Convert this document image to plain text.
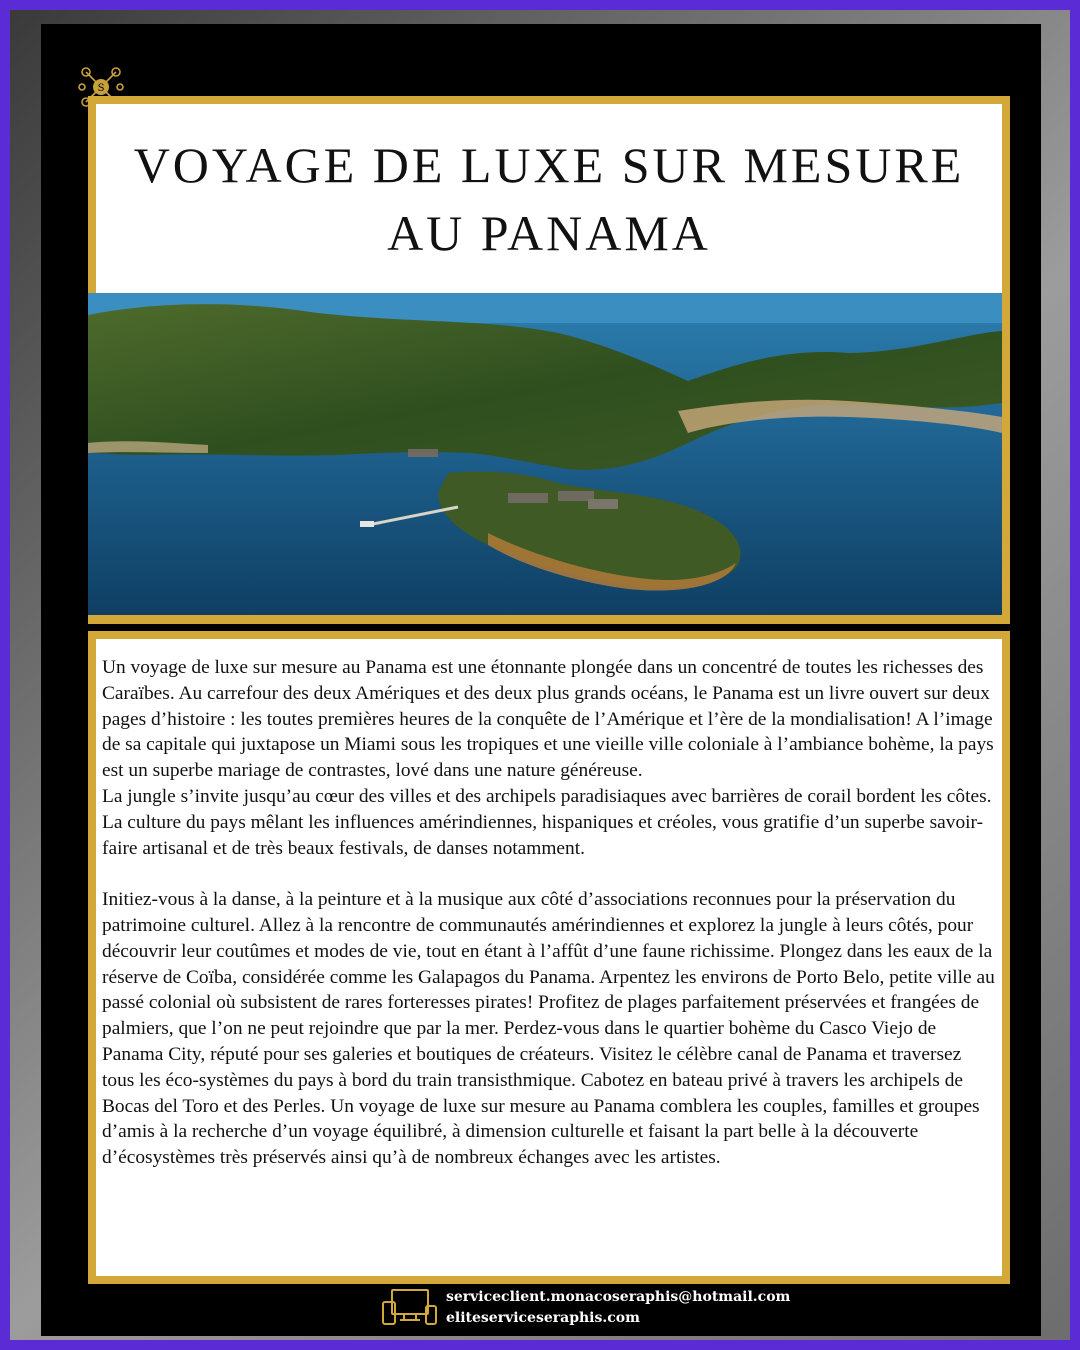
S
VOYAGE DE LUXE SUR MESURE
AU PANAMA

Un voyage de luxe sur mesure au Panama est une étonnante plongée dans un concentré de toutes les richesses des Caraïbes. Au carrefour des deux Amériques et des deux plus grands océans, le Panama est un livre ouvert sur deux pages d’histoire : les toutes premières heures de la conquête de l’Amérique et l’ère de la mondialisation! A l’image de sa capitale qui juxtapose un Miami sous les tropiques et une vieille ville coloniale à l’ambiance bohème, la pays est un superbe mariage de contrastes, lové dans une nature généreuse.

La jungle s’invite jusqu’au cœur des villes et des archipels paradisiaques avec barrières de corail bordent les côtes. La culture du pays mêlant les influences amérindiennes, hispaniques et créoles, vous gratifie d’un superbe savoir-faire artisanal et de très beaux festivals, de danses notamment.

Initiez-vous à la danse, à la peinture et à la musique aux côté d’associations reconnues pour la préservation du patrimoine culturel. Allez à la rencontre de communautés amérindiennes et explorez la jungle à leurs côtés, pour découvrir leur coutûmes et modes de vie, tout en étant à l’affût d’une faune richissime. Plongez dans les eaux de la réserve de Coïba, considérée comme les Galapagos du Panama. Arpentez les environs de Porto Belo, petite ville au passé colonial où subsistent de rares forteresses pirates! Profitez de plages parfaitement préservées et frangées de palmiers, que l’on ne peut rejoindre que par la mer. Perdez-vous dans le quartier bohème du Casco Viejo de Panama City, réputé pour ses galeries et boutiques de créateurs. Visitez le célèbre canal de Panama et traversez tous les éco-systèmes du pays à bord du train transisthmique. Cabotez en bateau privé à travers les archipels de Bocas del Toro et des Perles. Un voyage de luxe sur mesure au Panama comblera les couples, familles et groupes d’amis à la recherche d’un voyage équilibré, à dimension culturelle et faisant la part belle à la découverte d’écosystèmes très préservés ainsi qu’à de nombreux échanges avec les artistes.

serviceclient.monacoseraphis@hotmail.com
eliteserviceseraphis.com
